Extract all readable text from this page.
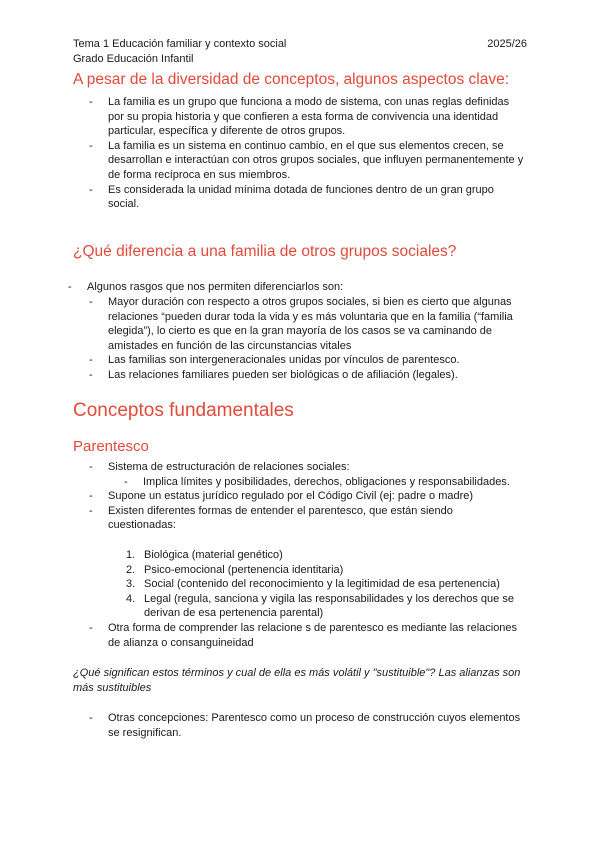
Tema 1 Educación familiar y contexto social	2025/26
Grado Educación Infantil
A pesar de la diversidad de conceptos, algunos aspectos clave:
- La familia es un grupo que funciona a modo de sistema, con unas reglas definidas
por su propia historia y que confieren a esta forma de convivencia una identidad
particular, específica y diferente de otros grupos.
- La familia es un sistema en continuo cambio, en el que sus elementos crecen, se
desarrollan e interactúan con otros grupos sociales, que influyen permanentemente y
de forma recíproca en sus miembros.
- Es considerada la unidad mínima dotada de funciones dentro de un gran grupo
social.
¿Qué diferencia a una familia de otros grupos sociales?
- Algunos rasgos que nos permiten diferenciarlos son:
- Mayor duración con respecto a otros grupos sociales, si bien es cierto que algunas
relaciones “pueden durar toda la vida y es más voluntaria que en la familia (“familia
elegida”), lo cierto es que en la gran mayoría de los casos se va caminando de
amistades en función de las circunstancias vitales
- Las familias son intergeneracionales unidas por vínculos de parentesco.
- Las relaciones familiares pueden ser biológicas o de afiliación (legales).
Conceptos fundamentales
Parentesco
- Sistema de estructuración de relaciones sociales:
- Implica límites y posibilidades, derechos, obligaciones y responsabilidades.
- Supone un estatus jurídico regulado por el Código Civil (ej: padre o madre)
- Existen diferentes formas de entender el parentesco, que están siendo
cuestionadas:
1. Biológica (material genético)
2. Psico-emocional (pertenencia identitaria)
3. Social (contenido del reconocimiento y la legitimidad de esa pertenencia)
4. Legal (regula, sanciona y vigila las responsabilidades y los derechos que se
derivan de esa pertenencia parental)
- Otra forma de comprender las relacione s de parentesco es mediante las relaciones
de alianza o consanguineidad
¿Qué significan estos términos y cual de ella es más volátil y "sustituible"? Las alianzas son
más sustituibles
- Otras concepciones: Parentesco como un proceso de construcción cuyos elementos
se resignifican.
